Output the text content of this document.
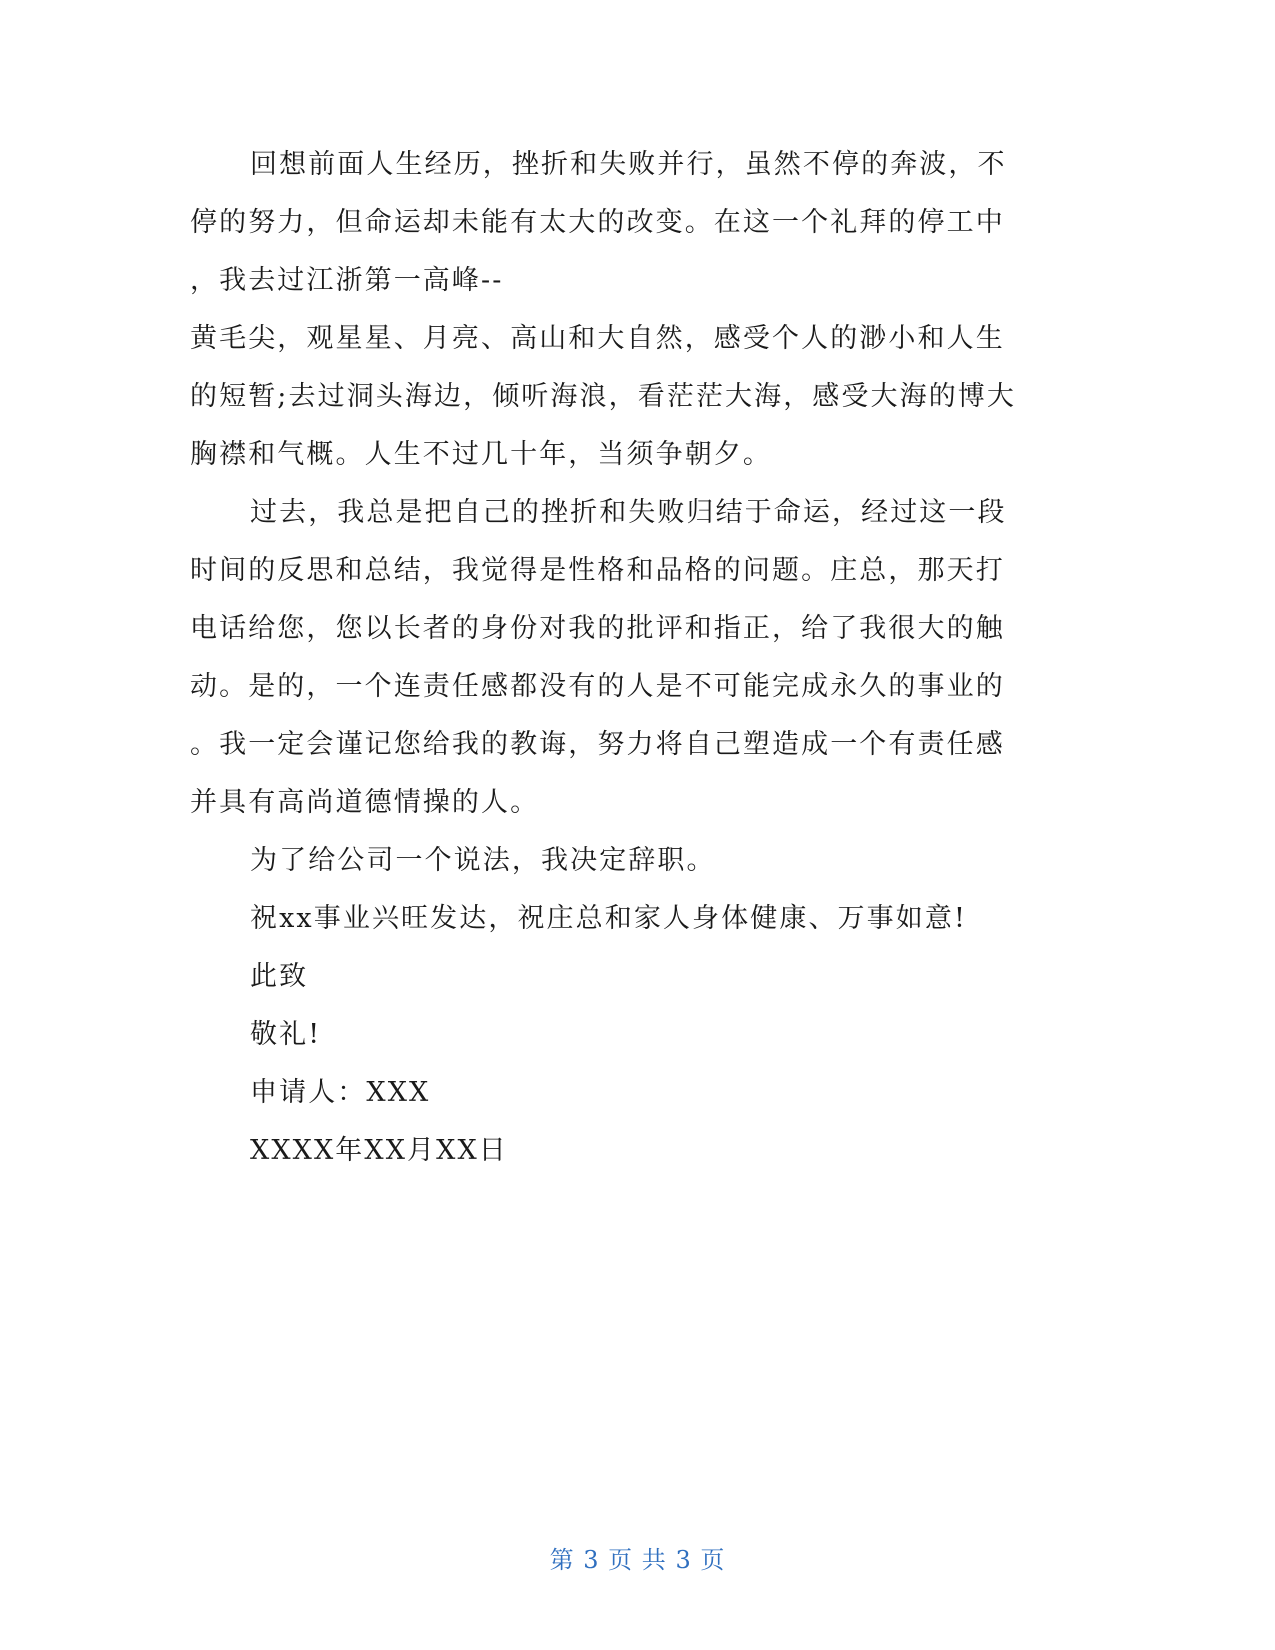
回想前面人生经历，挫折和失败并行，虽然不停的奔波，不
停的努力，但命运却未能有太大的改变。在这一个礼拜的停工中
，我去过江浙第一高峰--
黄毛尖，观星星、月亮、高山和大自然，感受个人的渺小和人生
的短暂;去过洞头海边，倾听海浪，看茫茫大海，感受大海的博大
胸襟和气概。人生不过几十年，当须争朝夕。
过去，我总是把自己的挫折和失败归结于命运，经过这一段
时间的反思和总结，我觉得是性格和品格的问题。庄总，那天打
电话给您，您以长者的身份对我的批评和指正，给了我很大的触
动。是的，一个连责任感都没有的人是不可能完成永久的事业的
。我一定会谨记您给我的教诲，努力将自己塑造成一个有责任感
并具有高尚道德情操的人。
为了给公司一个说法，我决定辞职。
祝xx事业兴旺发达，祝庄总和家人身体健康、万事如意!
此致
敬礼!
申请人：XXX
XXXX年XX月XX日
第 3 页 共 3 页
